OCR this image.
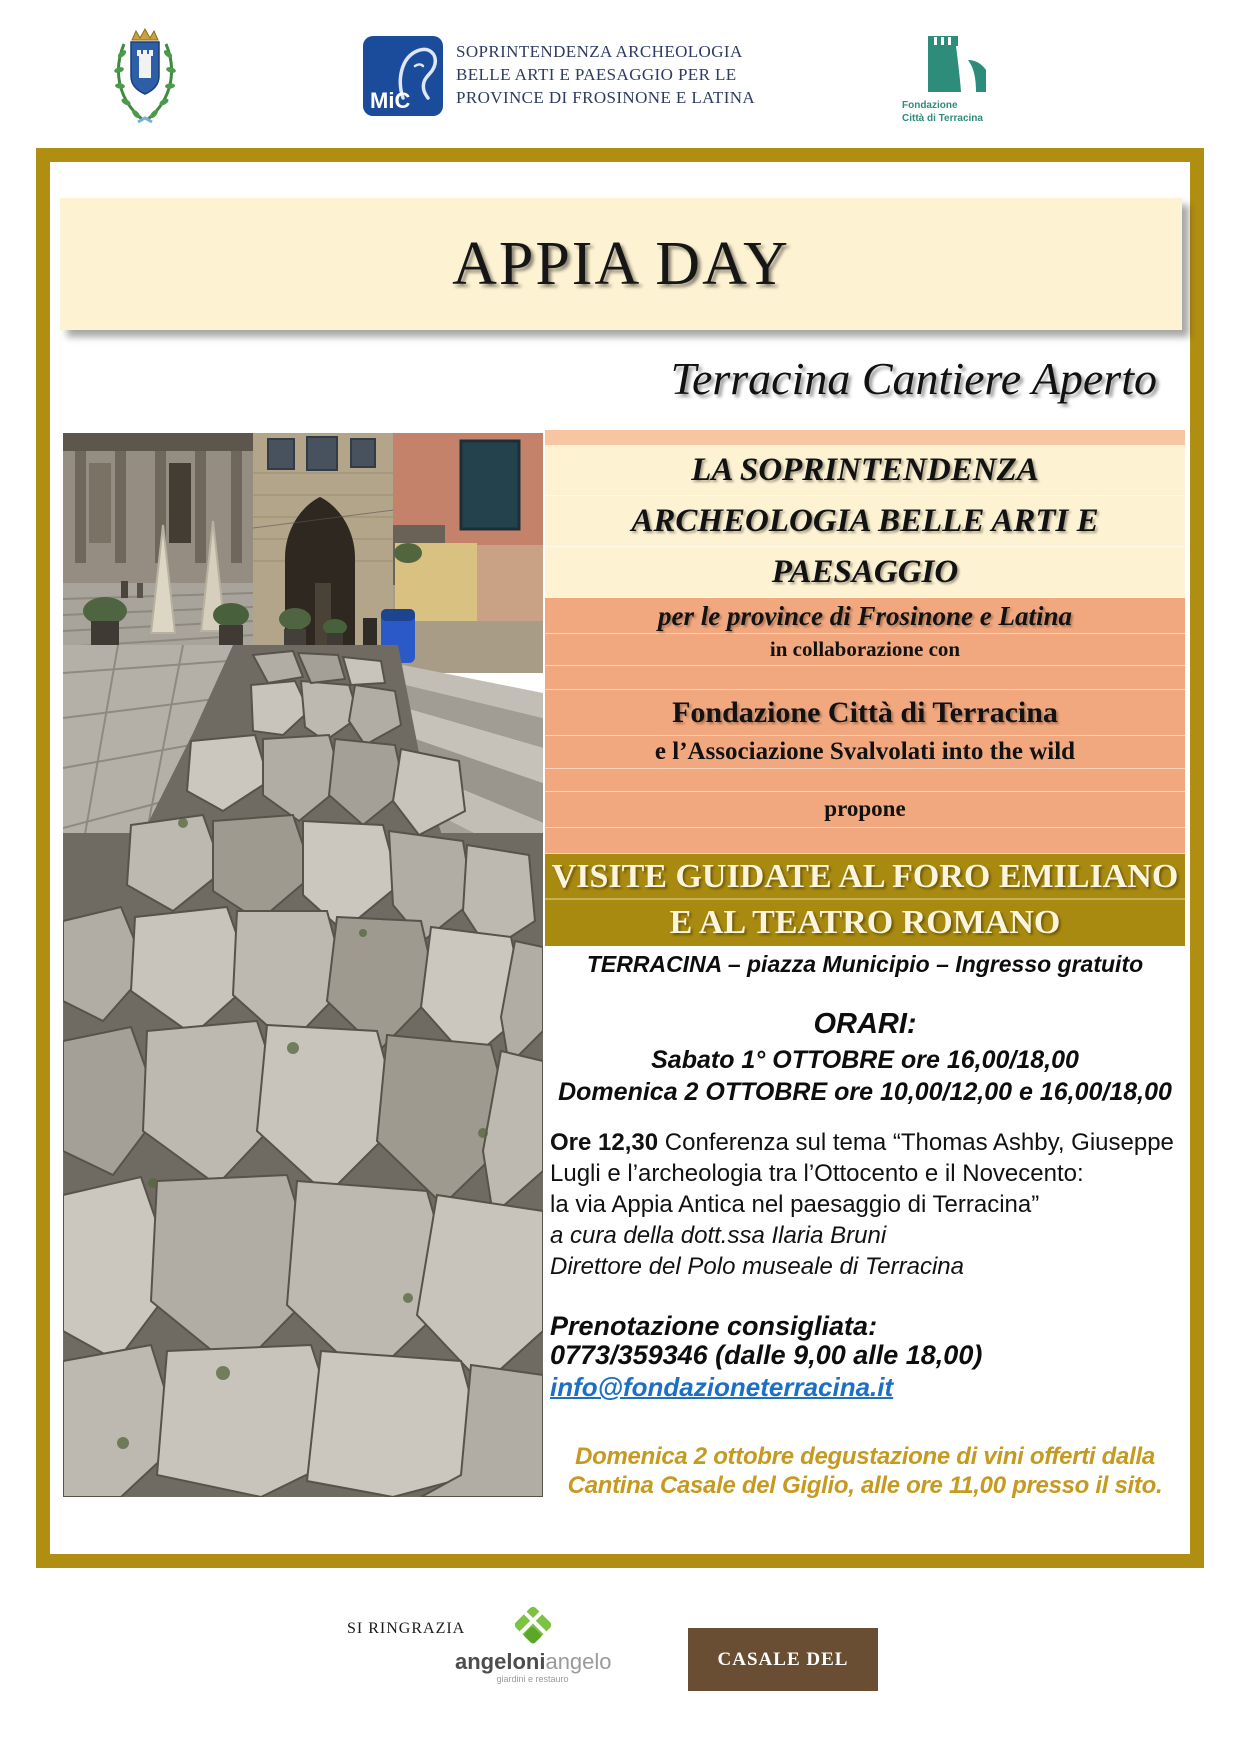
MiC
SOPRINTENDENZA ARCHEOLOGIA
BELLE ARTI E PAESAGGIO PER LE
PROVINCE DI FROSINONE E LATINA	Fondazione
Città di Terracina
APPIA DAY
Terracina Cantiere Aperto
LA SOPRINTENDENZA
ARCHEOLOGIA BELLE ARTI E
PAESAGGIO
per le province di Frosinone e Latina
in collaborazione con
Fondazione Città di Terracina
e l’Associazione Svalvolati into the wild
propone
VISITE GUIDATE AL FORO EMILIANO
E AL TEATRO ROMANO
TERRACINA – piazza Municipio – Ingresso gratuito
ORARI:
Sabato 1° OTTOBRE ore 16,00/18,00
Domenica 2 OTTOBRE ore 10,00/12,00 e 16,00/18,00
Ore 12,30 Conferenza sul tema “Thomas Ashby, Giuseppe
Lugli e l’archeologia tra l’Ottocento e il Novecento:
la via Appia Antica nel paesaggio di Terracina”
a cura della dott.ssa Ilaria Bruni
Direttore del Polo museale di Terracina
Prenotazione consigliata:
0773/359346 (dalle 9,00 alle 18,00)
info@fondazioneterracina.it
Domenica 2 ottobre degustazione di vini offerti dalla
Cantina Casale del Giglio, alle ore 11,00 presso il sito.
SI RINGRAZIA
angeloniangelo
giardini e restauro
CASALE DEL GIGLIO®
